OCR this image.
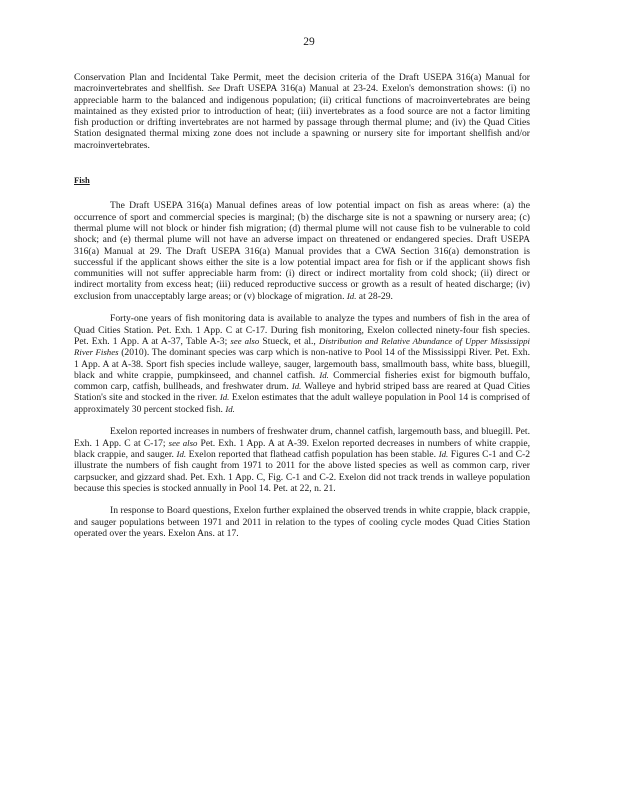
29

Conservation Plan and Incidental Take Permit, meet the decision criteria of the Draft USEPA 316(a) Manual for macroinvertebrates and shellfish. See Draft USEPA 316(a) Manual at 23-24. Exelon's demonstration shows: (i) no appreciable harm to the balanced and indigenous population; (ii) critical functions of macroinvertebrates are being maintained as they existed prior to introduction of heat; (iii) invertebrates as a food source are not a factor limiting fish production or drifting invertebrates are not harmed by passage through thermal plume; and (iv) the Quad Cities Station designated thermal mixing zone does not include a spawning or nursery site for important shellfish and/or macroinvertebrates.

Fish

The Draft USEPA 316(a) Manual defines areas of low potential impact on fish as areas where: (a) the occurrence of sport and commercial species is marginal; (b) the discharge site is not a spawning or nursery area; (c) thermal plume will not block or hinder fish migration; (d) thermal plume will not cause fish to be vulnerable to cold shock; and (e) thermal plume will not have an adverse impact on threatened or endangered species. Draft USEPA 316(a) Manual at 29. The Draft USEPA 316(a) Manual provides that a CWA Section 316(a) demonstration is successful if the applicant shows either the site is a low potential impact area for fish or if the applicant shows fish communities will not suffer appreciable harm from: (i) direct or indirect mortality from cold shock; (ii) direct or indirect mortality from excess heat; (iii) reduced reproductive success or growth as a result of heated discharge; (iv) exclusion from unacceptably large areas; or (v) blockage of migration. Id. at 28-29.

Forty-one years of fish monitoring data is available to analyze the types and numbers of fish in the area of Quad Cities Station. Pet. Exh. 1 App. C at C-17. During fish monitoring, Exelon collected ninety-four fish species. Pet. Exh. 1 App. A at A-37, Table A-3; see also Stueck, et al., Distribution and Relative Abundance of Upper Mississippi River Fishes (2010). The dominant species was carp which is non-native to Pool 14 of the Mississippi River. Pet. Exh. 1 App. A at A-38. Sport fish species include walleye, sauger, largemouth bass, smallmouth bass, white bass, bluegill, black and white crappie, pumpkinseed, and channel catfish. Id. Commercial fisheries exist for bigmouth buffalo, common carp, catfish, bullheads, and freshwater drum. Id. Walleye and hybrid striped bass are reared at Quad Cities Station's site and stocked in the river. Id. Exelon estimates that the adult walleye population in Pool 14 is comprised of approximately 30 percent stocked fish. Id.

Exelon reported increases in numbers of freshwater drum, channel catfish, largemouth bass, and bluegill. Pet. Exh. 1 App. C at C-17; see also Pet. Exh. 1 App. A at A-39. Exelon reported decreases in numbers of white crappie, black crappie, and sauger. Id. Exelon reported that flathead catfish population has been stable. Id. Figures C-1 and C-2 illustrate the numbers of fish caught from 1971 to 2011 for the above listed species as well as common carp, river carpsucker, and gizzard shad. Pet. Exh. 1 App. C, Fig. C-1 and C-2. Exelon did not track trends in walleye population because this species is stocked annually in Pool 14. Pet. at 22, n. 21.

In response to Board questions, Exelon further explained the observed trends in white crappie, black crappie, and sauger populations between 1971 and 2011 in relation to the types of cooling cycle modes Quad Cities Station operated over the years. Exelon Ans. at 17.
